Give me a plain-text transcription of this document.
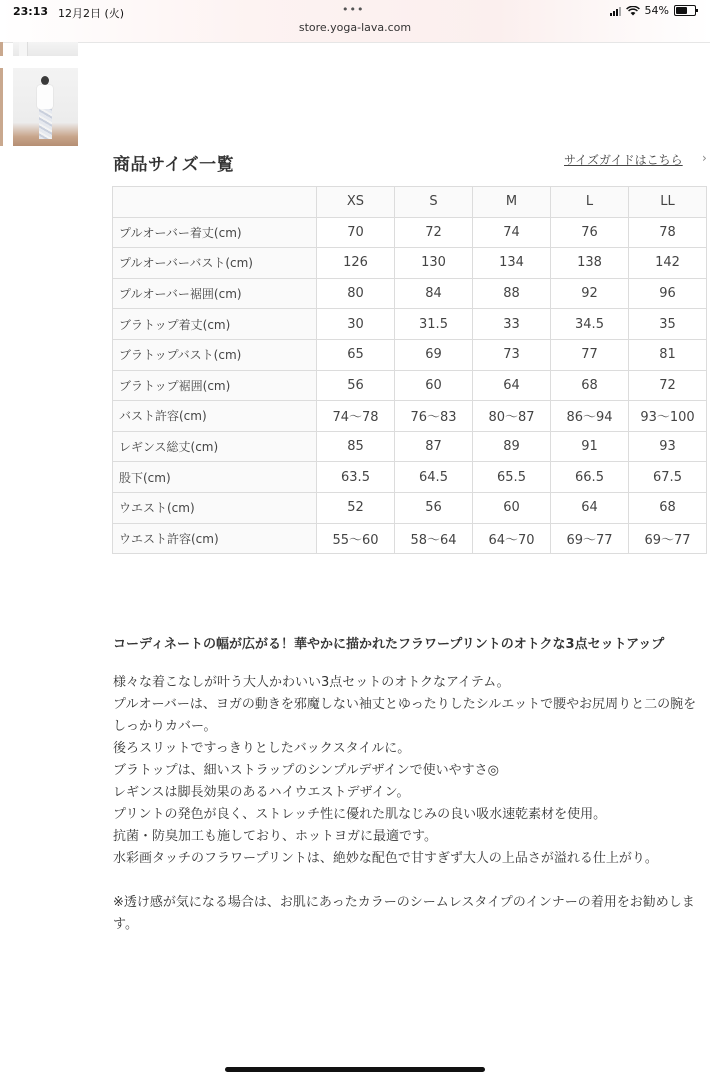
23:13 12月2日 (火)	•••
store.yoga-lava.com
54%
商品サイズ一覧	サイズガイドはこちら ›
	XS	S	M	L	LL
プルオーバー着丈(cm)	70	72	74	76	78
プルオーバーバスト(cm)	126	130	134	138	142
プルオーバー裾囲(cm)	80	84	88	92	96
ブラトップ着丈(cm)	30	31.5	33	34.5	35
ブラトップバスト(cm)	65	69	73	77	81
ブラトップ裾囲(cm)	56	60	64	68	72
バスト許容(cm)	74〜78	76〜83	80〜87	86〜94	93〜100
レギンス総丈(cm)	85	87	89	91	93
股下(cm)	63.5	64.5	65.5	66.5	67.5
ウエスト(cm)	52	56	60	64	68
ウエスト許容(cm)	55〜60	58〜64	64〜70	69〜77	69〜77

コーディネートの幅が広がる！華やかに描かれたフラワープリントのオトクな3点セットアップ

様々な着こなしが叶う大人かわいい3点セットのオトクなアイテム。

プルオーバーは、ヨガの動きを邪魔しない袖丈とゆったりしたシルエットで腰やお尻周りと二の腕をしっかりカバー。

後ろスリットですっきりとしたバックスタイルに。

ブラトップは、細いストラップのシンプルデザインで使いやすさ◎

レギンスは脚長効果のあるハイウエストデザイン。

プリントの発色が良く、ストレッチ性に優れた肌なじみの良い吸水速乾素材を使用。

抗菌・防臭加工も施しており、ホットヨガに最適です。

水彩画タッチのフラワープリントは、絶妙な配色で甘すぎず大人の上品さが溢れる仕上がり。

※透け感が気になる場合は、お肌にあったカラーのシームレスタイプのインナーの着用をお勧めします。
